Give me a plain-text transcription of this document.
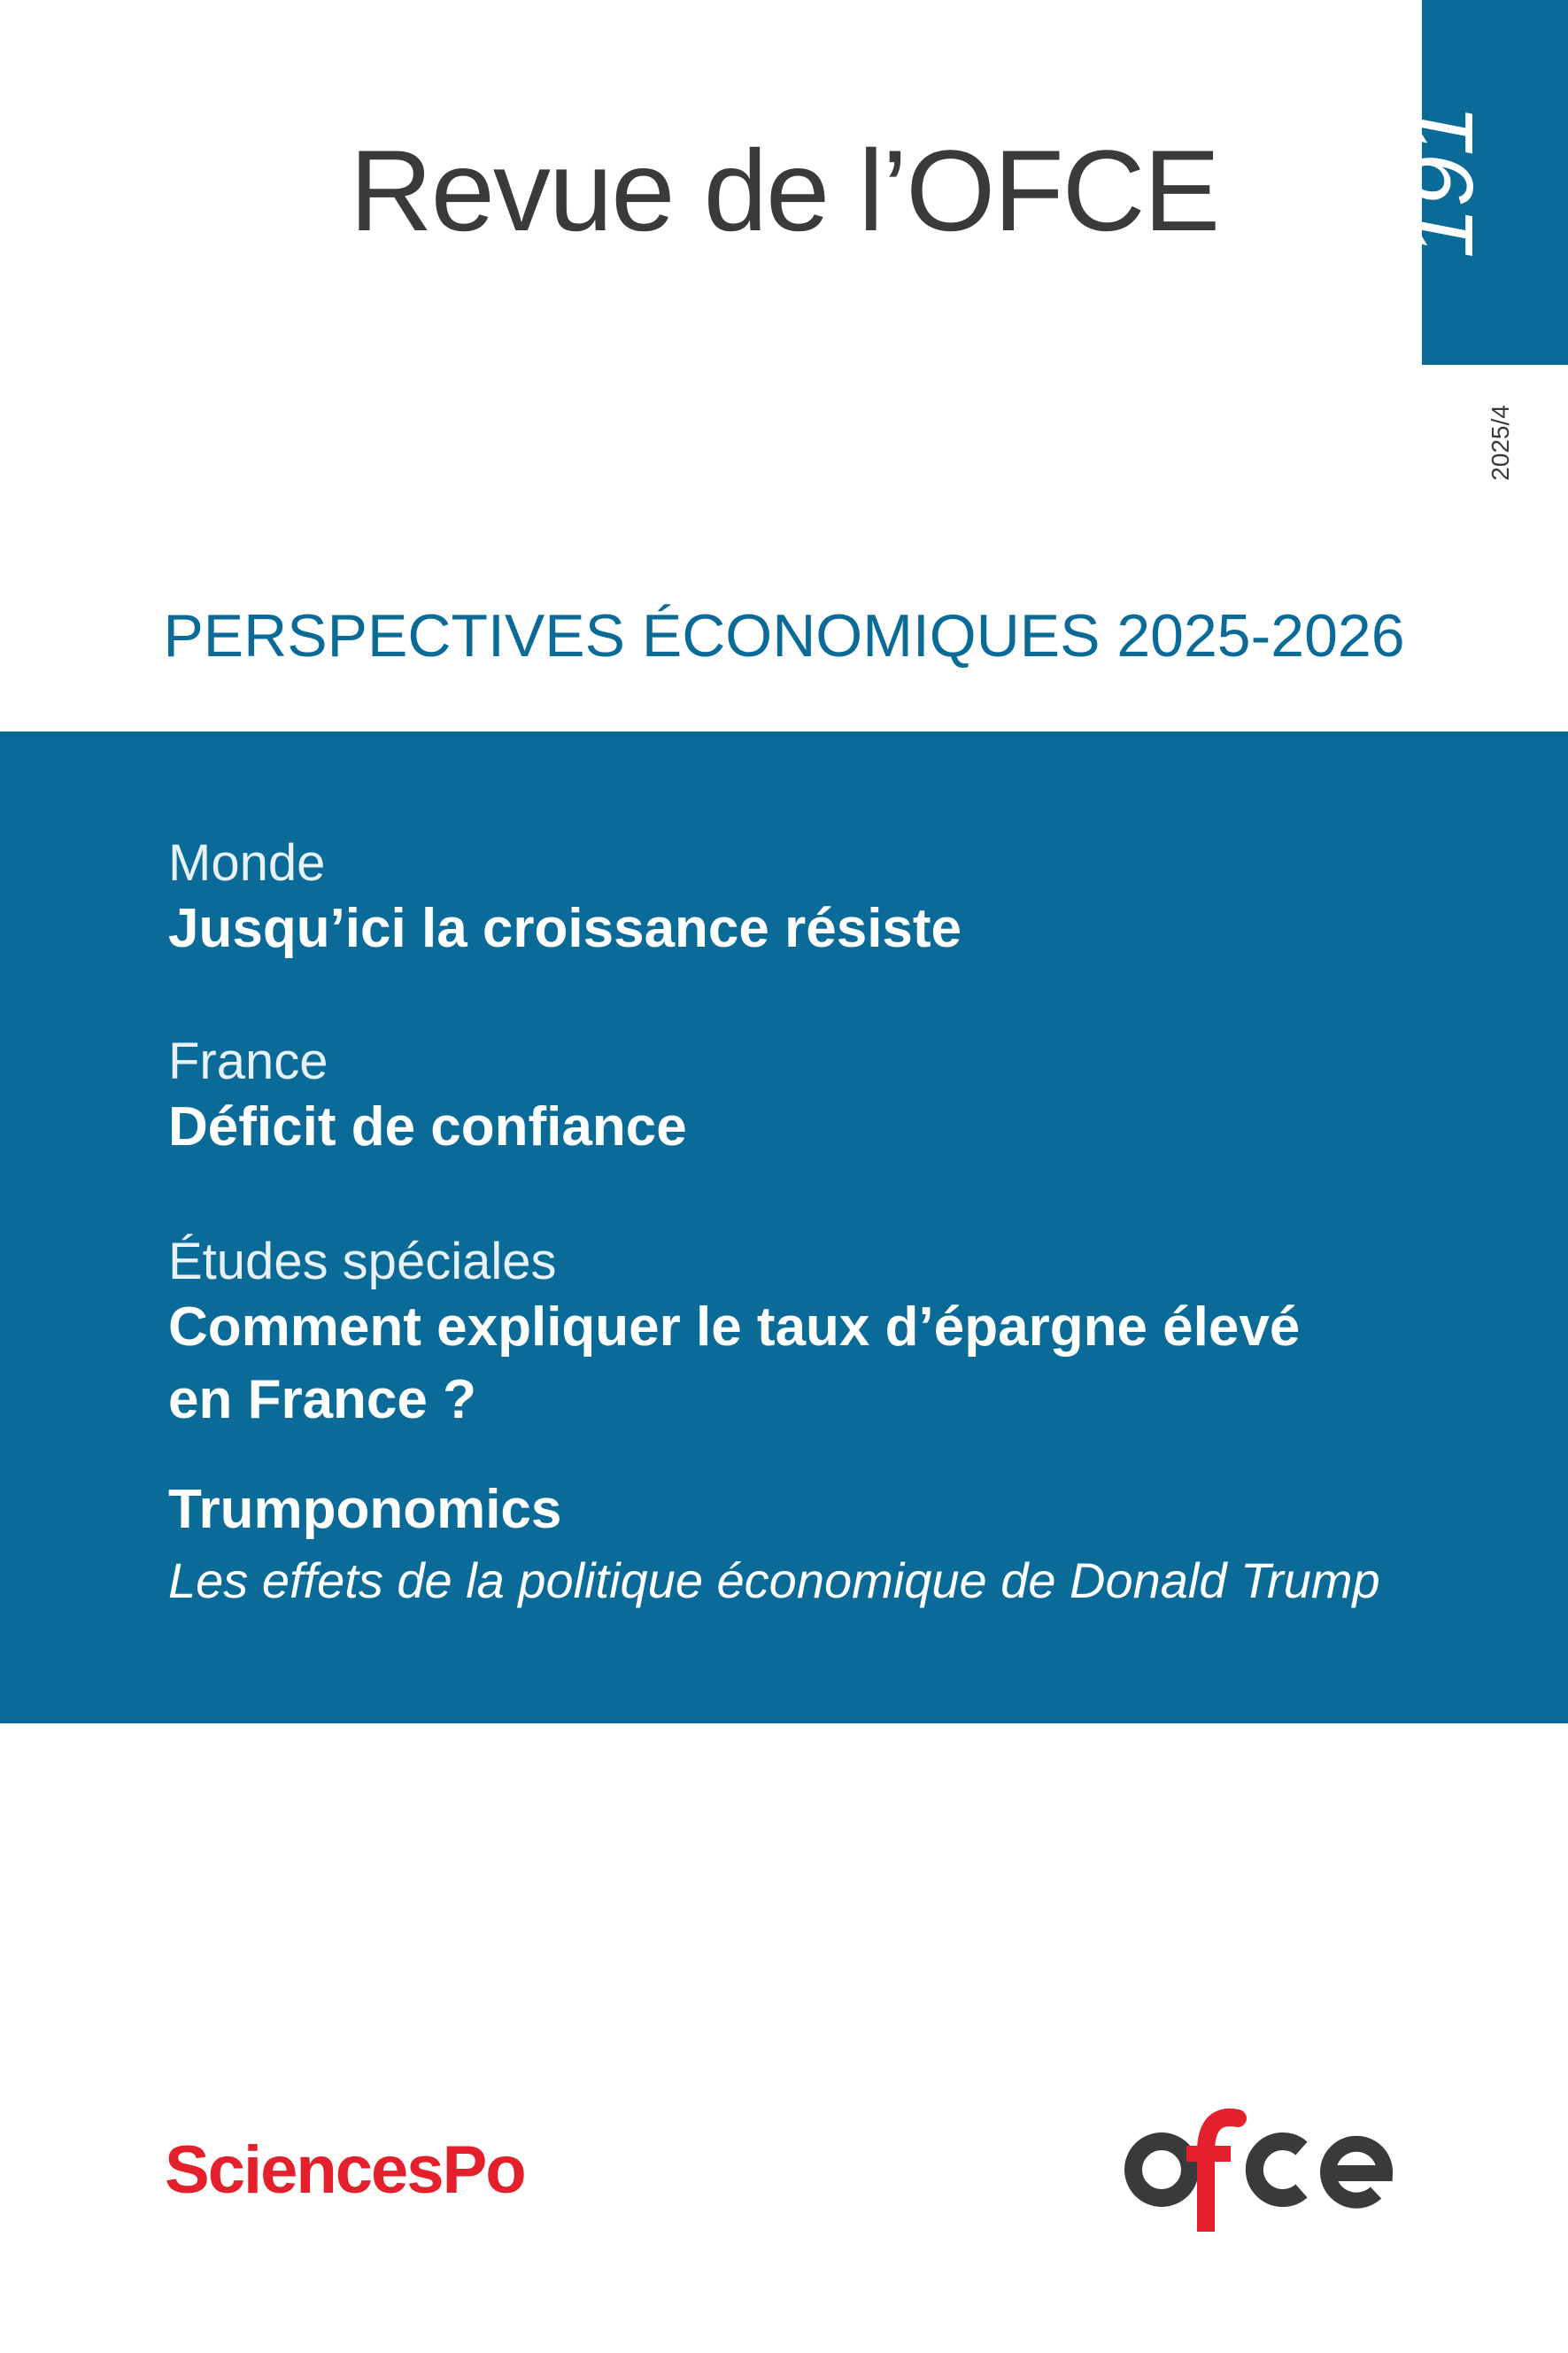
Revue de l’OFCE	191
2025/4
PERSPECTIVES ÉCONOMIQUES 2025-2026
Monde
Jusqu’ici la croissance résiste
France
Déficit de confiance
Études spéciales
Comment expliquer le taux d’épargne élevé
en France ?
Trumponomics
Les effets de la politique économique de Donald Trump
SciencesPo
